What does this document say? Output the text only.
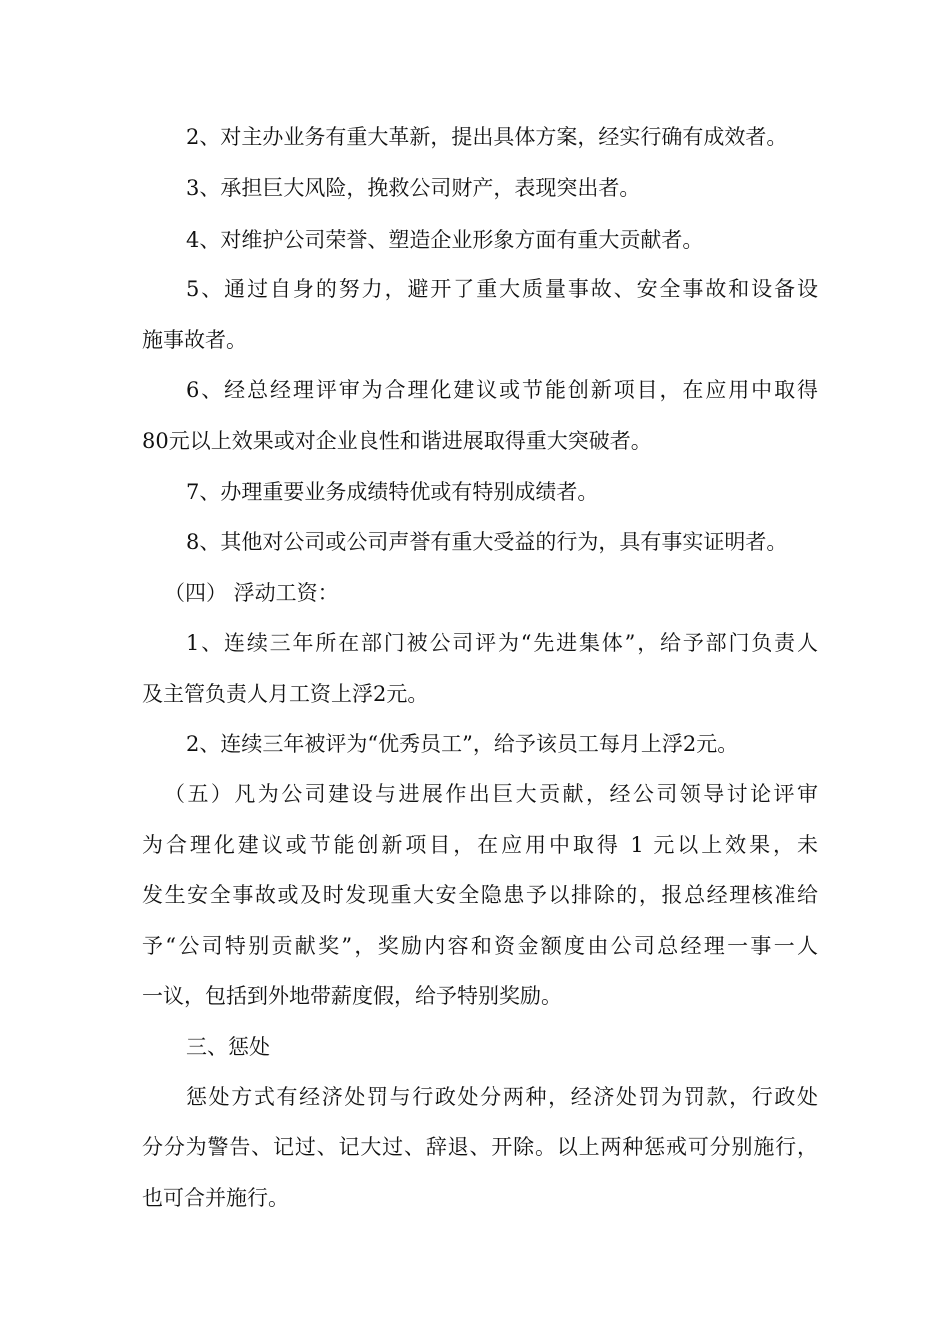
2、对主办业务有重大革新，提出具体方案，经实行确有成效者。
3、承担巨大风险，挽救公司财产，表现突出者。
4、对维护公司荣誉、塑造企业形象方面有重大贡献者。
5、通过自身的努力，避开了重大质量事故、安全事故和设备设
施事故者。
6、经总经理评审为合理化建议或节能创新项目，在应用中取得
80元以上效果或对企业良性和谐进展取得重大突破者。
7、办理重要业务成绩特优或有特别成绩者。
8、其他对公司或公司声誉有重大受益的行为，具有事实证明者。
（四） 浮动工资：
1、连续三年所在部门被公司评为“先进集体”，给予部门负责人
及主管负责人月工资上浮2元。
2、连续三年被评为“优秀员工”，给予该员工每月上浮2元。
（五）凡为公司建设与进展作出巨大贡献，经公司领导讨论评审
为合理化建议或节能创新项目，在应用中取得 1 元以上效果，未
发生安全事故或及时发现重大安全隐患予以排除的，报总经理核准给
予“公司特别贡献奖”，奖励内容和资金额度由公司总经理一事一人
一议，包括到外地带薪度假，给予特别奖励。
三、惩处
惩处方式有经济处罚与行政处分两种，经济处罚为罚款，行政处
分分为警告、记过、记大过、辞退、开除。以上两种惩戒可分别施行，
也可合并施行。
